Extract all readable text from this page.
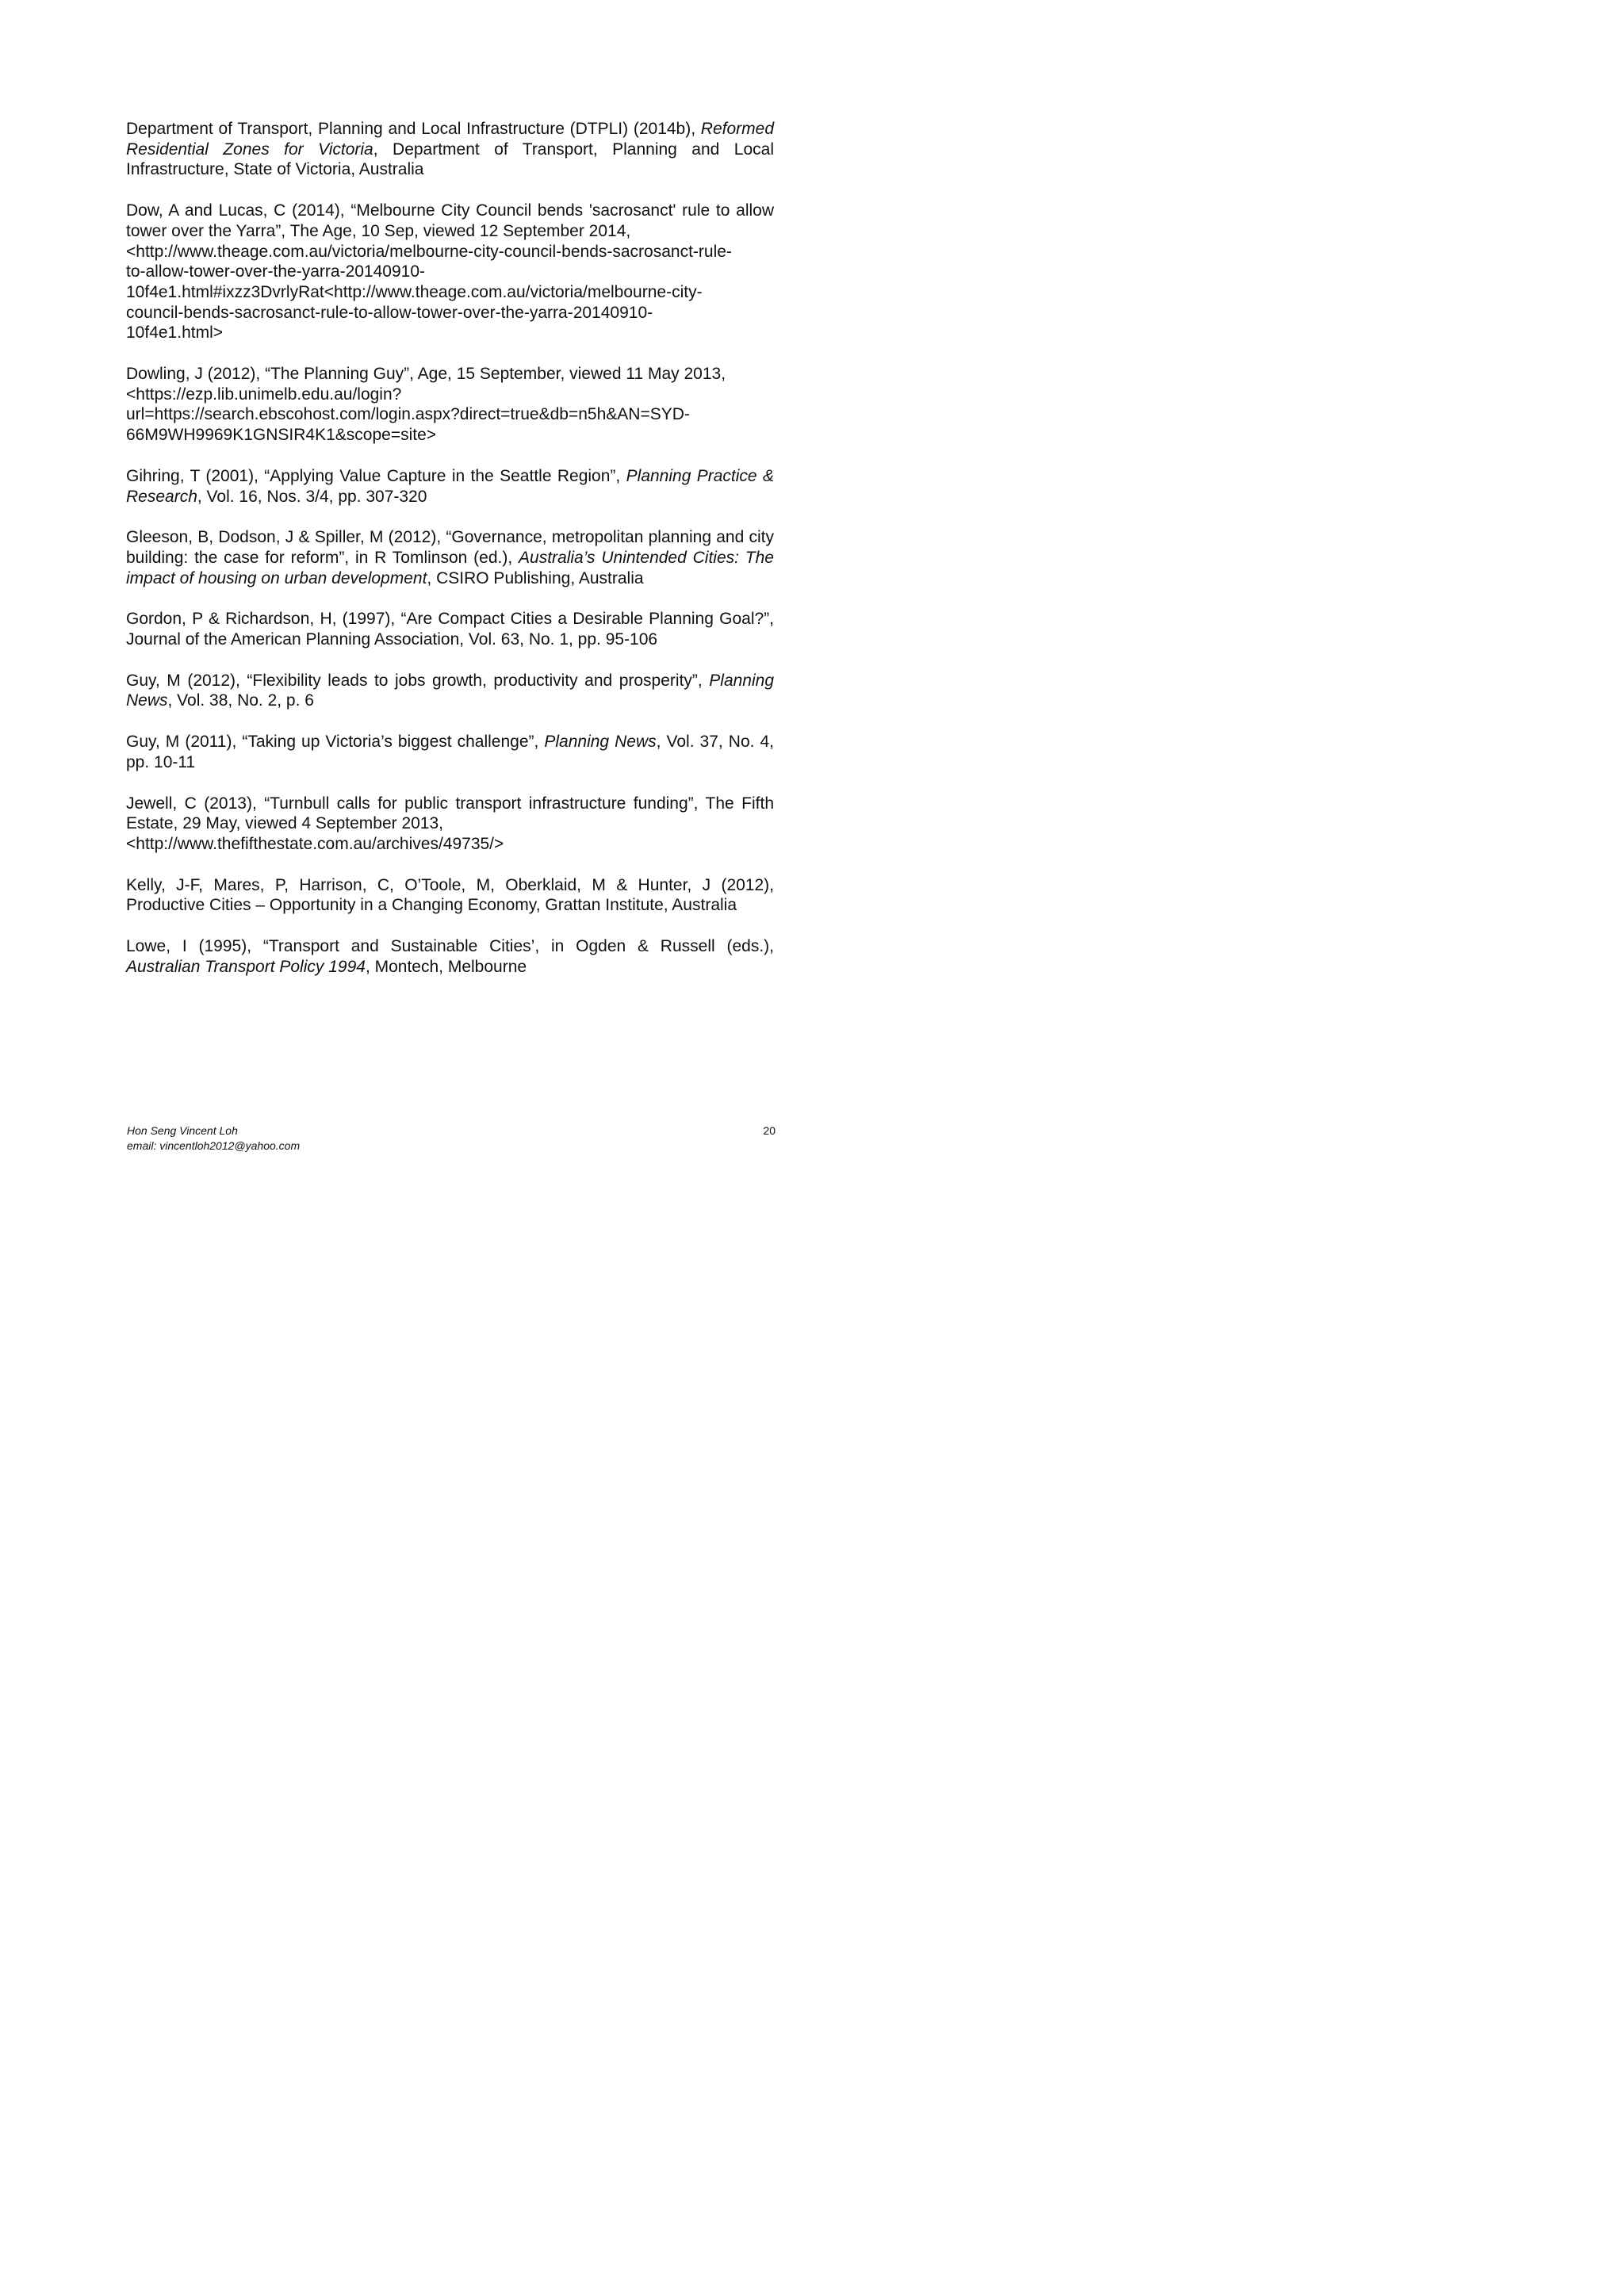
Department of Transport, Planning and Local Infrastructure (DTPLI) (2014b), Reformed Residential Zones for Victoria, Department of Transport, Planning and Local Infrastructure, State of Victoria, Australia

Dow, A and Lucas, C (2014), “Melbourne City Council bends 'sacrosanct' rule to allow tower over the Yarra”, The Age, 10 Sep, viewed 12 September 2014,
<http://www.theage.com.au/victoria/melbourne-city-council-bends-sacrosanct-rule-
to-allow-tower-over-the-yarra-20140910-
10f4e1.html#ixzz3DvrlyRat<http://www.theage.com.au/victoria/melbourne-city-
council-bends-sacrosanct-rule-to-allow-tower-over-the-yarra-20140910-
10f4e1.html>

Dowling, J (2012), “The Planning Guy”, Age, 15 September, viewed 11 May 2013,
<https://ezp.lib.unimelb.edu.au/login?
url=https://search.ebscohost.com/login.aspx?direct=true&db=n5h&AN=SYD-
66M9WH9969K1GNSIR4K1&scope=site>

Gihring, T (2001), “Applying Value Capture in the Seattle Region”, Planning Practice & Research, Vol. 16, Nos. 3/4, pp. 307-320

Gleeson, B, Dodson, J & Spiller, M (2012), “Governance, metropolitan planning and city building: the case for reform”, in R Tomlinson (ed.), Australia’s Unintended Cities: The impact of housing on urban development, CSIRO Publishing, Australia

Gordon, P & Richardson, H, (1997), “Are Compact Cities a Desirable Planning Goal?”, Journal of the American Planning Association, Vol. 63, No. 1, pp. 95-106

Guy, M (2012), “Flexibility leads to jobs growth, productivity and prosperity”, Planning News, Vol. 38, No. 2, p. 6

Guy, M (2011), “Taking up Victoria’s biggest challenge”, Planning News, Vol. 37, No. 4, pp. 10-11

Jewell, C (2013), “Turnbull calls for public transport infrastructure funding”, The Fifth Estate, 29 May, viewed 4 September 2013,
<http://www.thefifthestate.com.au/archives/49735/>

Kelly, J-F, Mares, P, Harrison, C, O’Toole, M, Oberklaid, M & Hunter, J (2012), Productive Cities – Opportunity in a Changing Economy, Grattan Institute, Australia

Lowe, I (1995), “Transport and Sustainable Cities’, in Ogden & Russell (eds.), Australian Transport Policy 1994, Montech, Melbourne

Hon Seng Vincent Loh
email: vincentloh2012@yahoo.com
20
